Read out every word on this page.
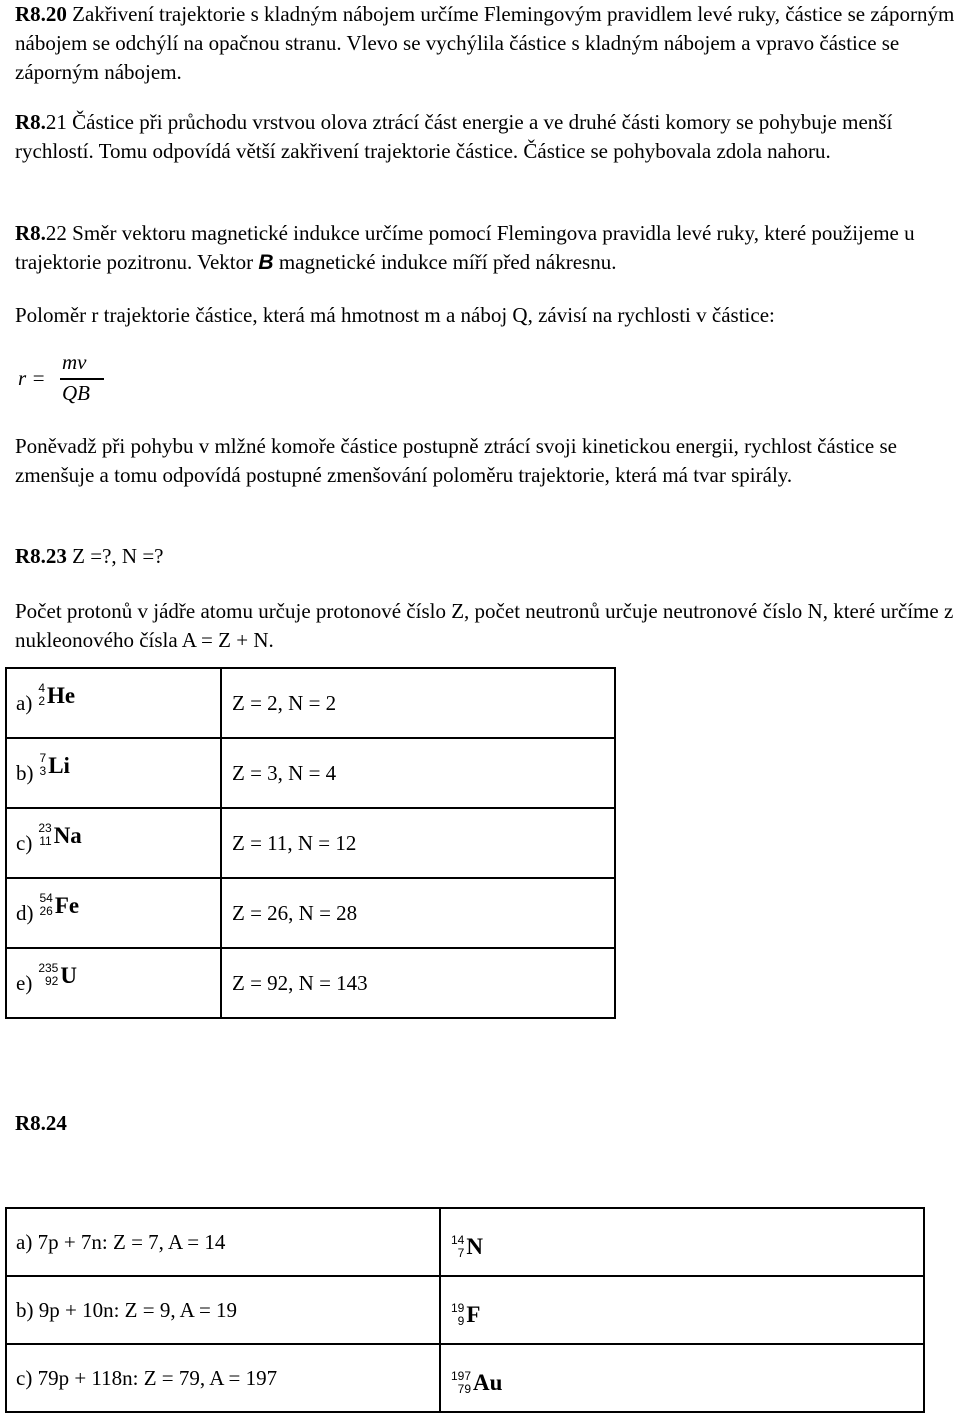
R8.20 Zakřivení trajektorie s kladným nábojem určíme Flemingovým pravidlem levé ruky, částice se záporným nábojem se odchýlí na opačnou stranu. Vlevo se vychýlila částice s kladným nábojem a vpravo částice se záporným nábojem.
R8.21 Částice při průchodu vrstvou olova ztrácí část energie a ve druhé části komory se pohybuje menší rychlostí. Tomu odpovídá větší zakřivení trajektorie částice. Částice se pohybovala zdola nahoru.
R8.22 Směr vektoru magnetické indukce určíme pomocí Flemingova pravidla levé ruky, které použijeme u trajektorie pozitronu. Vektor B magnetické indukce míří před nákresnu.
Poloměr r trajektorie částice, která má hmotnost m a náboj Q, závisí na rychlosti v částice:
r =
mv
QB
Poněvadž při pohybu v mlžné komoře částice postupně ztrácí svoji kinetickou energii, rychlost částice se zmenšuje a tomu odpovídá postupné zmenšování poloměru trajektorie, která má tvar spirály.
R8.23 Z =?, N =?
Počet protonů v jádře atomu určuje protonové číslo Z, počet neutronů určuje neutronové číslo N, které určíme z nukleonového čísla A = Z + N.
a)
4
2 He	Z = 2, N = 2

b)
7
3 Li	Z = 3, N = 4

c)
23
11 Na	Z = 11, N = 12

d)
54
26 Fe	Z = 26, N = 28

e)
235
92 U	Z = 92, N = 143
R8.24
a) 7p + 7n: Z = 7, A = 14	14
7 N

b) 9p + 10n: Z = 9, A = 19	19
9 F

c) 79p + 118n: Z = 79, A = 197	197
79 Au
